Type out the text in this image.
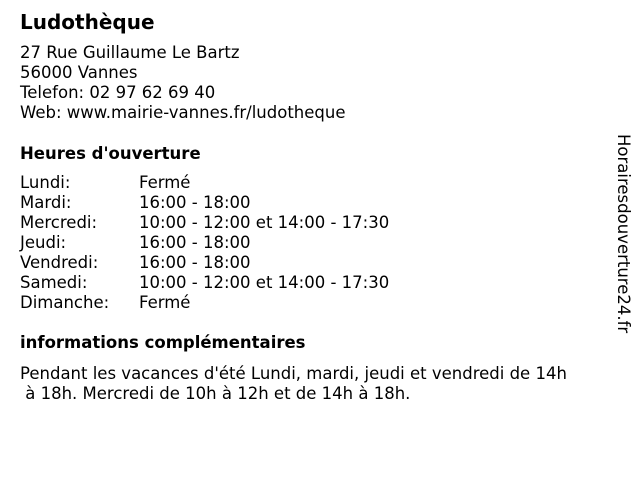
Ludothèque
27 Rue Guillaume Le Bartz
56000 Vannes
Telefon: 02 97 62 69 40
Web: www.mairie-vannes.fr/ludotheque
Heures d'ouverture
Lundi:	Fermé
Mardi:	16:00 - 18:00
Mercredi:	10:00 - 12:00 et 14:00 - 17:30
Jeudi:	16:00 - 18:00
Vendredi:	16:00 - 18:00
Samedi:	10:00 - 12:00 et 14:00 - 17:30
Dimanche:	Fermé
informations complémentaires

Pendant les vacances d'été Lundi, mardi, jeudi et vendredi de 14h
à 18h. Mercredi de 10h à 12h et de 14h à 18h.

Horairesdouverture24.fr
